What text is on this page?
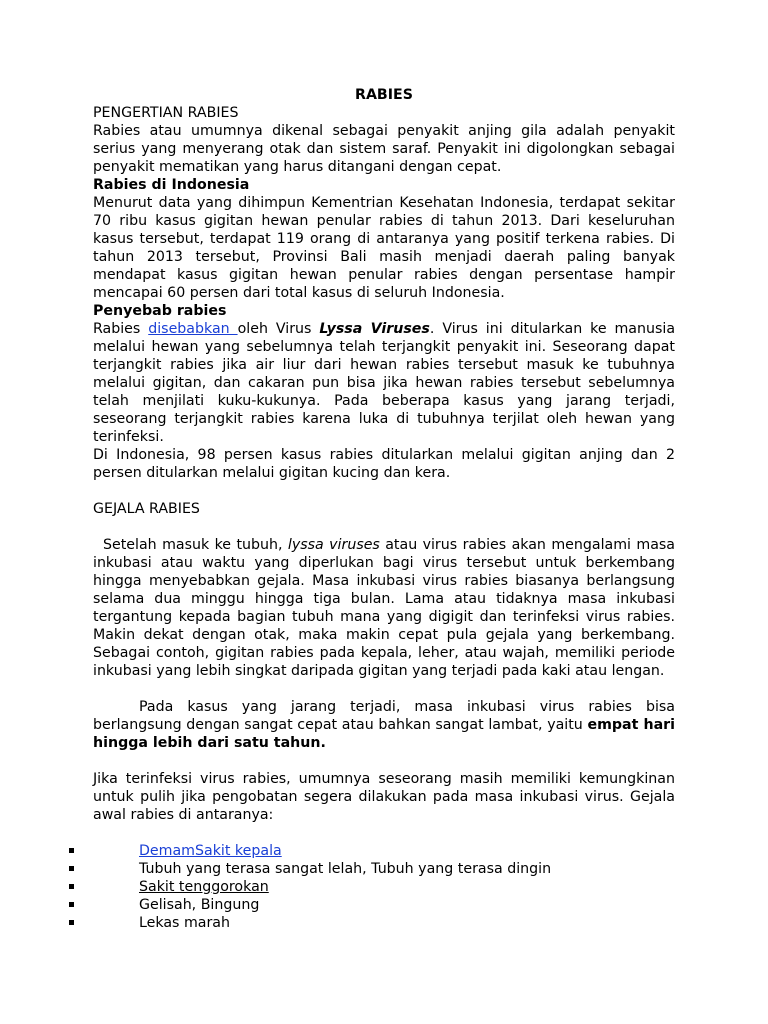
RABIES

PENGERTIAN RABIES

Rabies atau umumnya dikenal sebagai penyakit anjing gila adalah penyakit serius yang menyerang otak dan sistem saraf. Penyakit ini digolongkan sebagai penyakit mematikan yang harus ditangani dengan cepat.

Rabies di Indonesia

Menurut data yang dihimpun Kementrian Kesehatan Indonesia, terdapat sekitar 70 ribu kasus gigitan hewan penular rabies di tahun 2013. Dari keseluruhan kasus tersebut, terdapat 119 orang di antaranya yang positif terkena rabies. Di tahun 2013 tersebut, Provinsi Bali masih menjadi daerah paling banyak mendapat kasus gigitan hewan penular rabies dengan persentase hampir mencapai 60 persen dari total kasus di seluruh Indonesia.

Penyebab rabies

Rabies disebabkan oleh Virus Lyssa Viruses. Virus ini ditularkan ke manusia melalui hewan yang sebelumnya telah terjangkit penyakit ini. Seseorang dapat terjangkit rabies jika air liur dari hewan rabies tersebut masuk ke tubuhnya melalui gigitan, dan cakaran pun bisa jika hewan rabies tersebut sebelumnya telah menjilati kuku-kukunya. Pada beberapa kasus yang jarang terjadi, seseorang terjangkit rabies karena luka di tubuhnya terjilat oleh hewan yang terinfeksi.

Di Indonesia, 98 persen kasus rabies ditularkan melalui gigitan anjing dan 2 persen ditularkan melalui gigitan kucing dan kera.

GEJALA RABIES

Setelah masuk ke tubuh, lyssa viruses atau virus rabies akan mengalami masa inkubasi atau waktu yang diperlukan bagi virus tersebut untuk berkembang hingga menyebabkan gejala. Masa inkubasi virus rabies biasanya berlangsung selama dua minggu hingga tiga bulan. Lama atau tidaknya masa inkubasi tergantung kepada bagian tubuh mana yang digigit dan terinfeksi virus rabies. Makin dekat dengan otak, maka makin cepat pula gejala yang berkembang. Sebagai contoh, gigitan rabies pada kepala, leher, atau wajah, memiliki periode inkubasi yang lebih singkat daripada gigitan yang terjadi pada kaki atau lengan.

Pada kasus yang jarang terjadi, masa inkubasi virus rabies bisa berlangsung dengan sangat cepat atau bahkan sangat lambat, yaitu empat hari hingga lebih dari satu tahun.

Jika terinfeksi virus rabies, umumnya seseorang masih memiliki kemungkinan untuk pulih jika pengobatan segera dilakukan pada masa inkubasi virus. Gejala awal rabies di antaranya:

DemamSakit kepala
Tubuh yang terasa sangat lelah, Tubuh yang terasa dingin
Sakit tenggorokan
Gelisah, Bingung
Lekas marah
